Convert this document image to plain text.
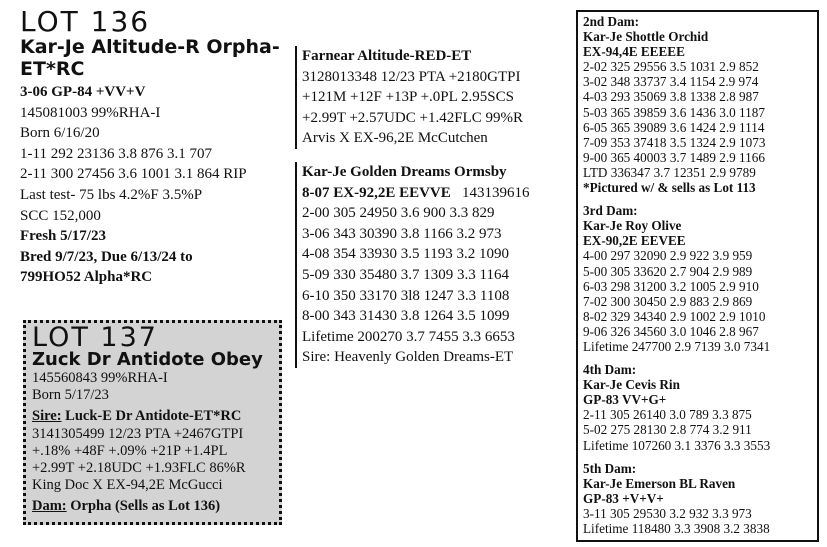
LOT 136
Kar-Je Altitude-R Orpha-ET*RC
3-06 GP-84 +VV+V
145081003 99%RHA-I
Born 6/16/20
1-11 292 23136 3.8 876 3.1 707
2-11 300 27456 3.6 1001 3.1 864 RIP
Last test- 75 lbs 4.2%F 3.5%P
SCC 152,000
Fresh 5/17/23
Bred 9/7/23, Due 6/13/24 to
799HO52 Alpha*RC
Farnear Altitude-RED-ET
3128013348 12/23 PTA +2180GTPI
+121M +12F +13P +.0PL 2.95SCS
+2.99T +2.57UDC +1.42FLC 99%R
Arvis X EX-96,2E McCutchen
Kar-Je Golden Dreams Ormsby
8-07 EX-92,2E EEVVE 143139616
2-00 305 24950 3.6 900 3.3 829
3-06 343 30390 3.8 1166 3.2 973
4-08 354 33930 3.5 1193 3.2 1090
5-09 330 35480 3.7 1309 3.3 1164
6-10 350 33170 3l8 1247 3.3 1108
8-00 343 31430 3.8 1264 3.5 1099
Lifetime 200270 3.7 7455 3.3 6653
Sire: Heavenly Golden Dreams-ET
LOT 137
Zuck Dr Antidote Obey
145560843 99%RHA-I
Born 5/17/23
Sire: Luck-E Dr Antidote-ET*RC
3141305499 12/23 PTA +2467GTPI
+.18% +48F +.09% +21P +1.4PL
+2.99T +2.18UDC +1.93FLC 86%R
King Doc X EX-94,2E McGucci
Dam: Orpha (Sells as Lot 136)
2nd Dam:
Kar-Je Shottle Orchid
EX-94,4E EEEEE
2-02 325 29556 3.5 1031 2.9 852
3-02 348 33737 3.4 1154 2.9 974
4-03 293 35069 3.8 1338 2.8 987
5-03 365 39859 3.6 1436 3.0 1187
6-05 365 39089 3.6 1424 2.9 1114
7-09 353 37418 3.5 1324 2.9 1073
9-00 365 40003 3.7 1489 2.9 1166
LTD 336347 3.7 12351 2.9 9789
*Pictured w/ & sells as Lot 113
3rd Dam:
Kar-Je Roy Olive
EX-90,2E EEVEE
4-00 297 32090 2.9 922 3.9 959
5-00 305 33620 2.7 904 2.9 989
6-03 298 31200 3.2 1005 2.9 910
7-02 300 30450 2.9 883 2.9 869
8-02 329 34340 2.9 1002 2.9 1010
9-06 326 34560 3.0 1046 2.8 967
Lifetime 247700 2.9 7139 3.0 7341
4th Dam:
Kar-Je Cevis Rin
GP-83 VV+G+
2-11 305 26140 3.0 789 3.3 875
5-02 275 28130 2.8 774 3.2 911
Lifetime 107260 3.1 3376 3.3 3553
5th Dam:
Kar-Je Emerson BL Raven
GP-83 +V+V+
3-11 305 29530 3.2 932 3.3 973
Lifetime 118480 3.3 3908 3.2 3838
